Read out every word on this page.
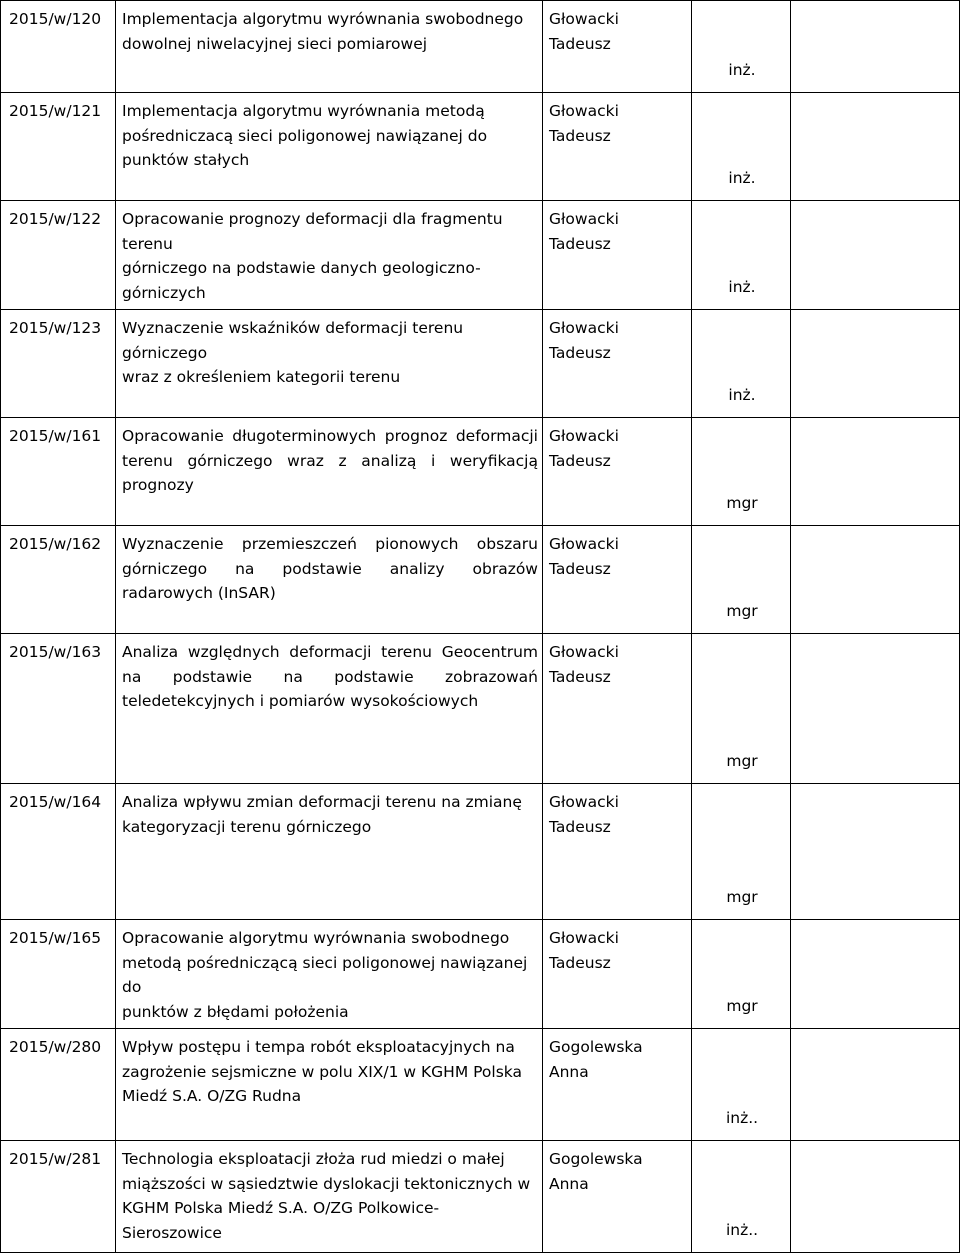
2015/w/120	Implementacja algorytmu wyrównania swobodnego
dowolnej niwelacyjnej sieci pomiarowej	Głowacki
Tadeusz	inż.	
2015/w/121	Implementacja algorytmu wyrównania metodą
pośredniczacą sieci poligonowej nawiązanej do
punktów stałych	Głowacki
Tadeusz	inż.	
2015/w/122	Opracowanie prognozy deformacji dla fragmentu terenu
górniczego na podstawie danych geologiczno-
górniczych	Głowacki
Tadeusz	inż.	
2015/w/123	Wyznaczenie wskaźników deformacji terenu górniczego
wraz z określeniem kategorii terenu	Głowacki
Tadeusz	inż.	
2015/w/161	Opracowanie długoterminowych prognoz deformacji terenu górniczego wraz z analizą i weryfikacją prognozy	Głowacki
Tadeusz	mgr	
2015/w/162	Wyznaczenie przemieszczeń pionowych obszaru górniczego na podstawie analizy obrazów radarowych (InSAR)	Głowacki
Tadeusz	mgr	
2015/w/163	Analiza względnych deformacji terenu Geocentrum na podstawie na podstawie zobrazowań teledetekcyjnych i pomiarów wysokościowych	Głowacki
Tadeusz	mgr	
2015/w/164	Analiza wpływu zmian deformacji terenu na zmianę
kategoryzacji terenu górniczego	Głowacki
Tadeusz	mgr	
2015/w/165	Opracowanie algorytmu wyrównania swobodnego
metodą pośredniczącą sieci poligonowej nawiązanej do
punktów z błędami położenia	Głowacki
Tadeusz	mgr	
2015/w/280	Wpływ postępu i tempa robót eksploatacyjnych na
zagrożenie sejsmiczne w polu XIX/1 w KGHM Polska
Miedź S.A. O/ZG Rudna	Gogolewska
Anna	inż..	
2015/w/281	Technologia eksploatacji złoża rud miedzi o małej
miąższości w sąsiedztwie dyslokacji tektonicznych w
KGHM Polska Miedź S.A. O/ZG Polkowice-
Sieroszowice	Gogolewska
Anna	inż..	
